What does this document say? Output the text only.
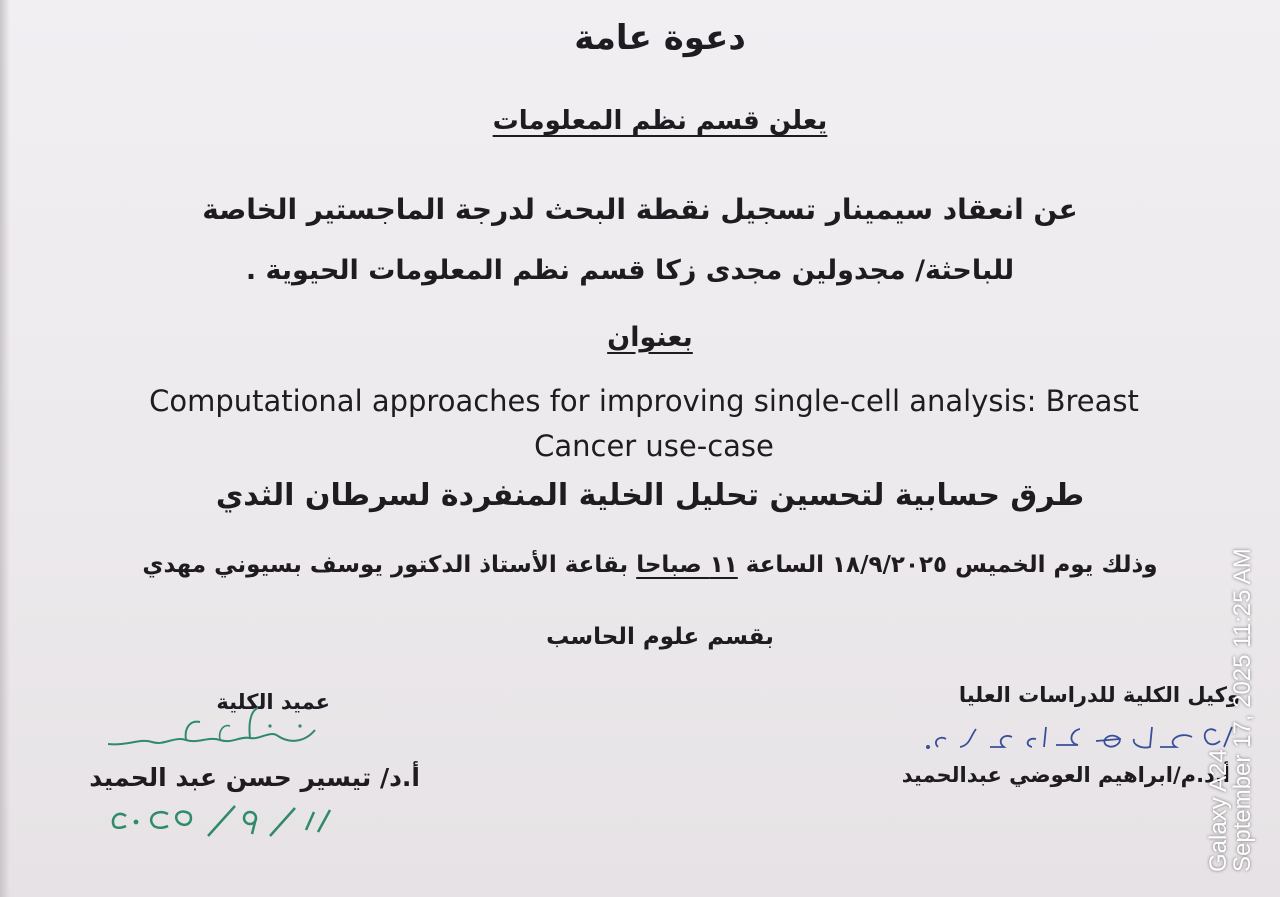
دعوة عامة
يعلن قسم نظم المعلومات
عن انعقاد سيمينار تسجيل نقطة البحث لدرجة الماجستير الخاصة
للباحثة/ مجدولين مجدى زكا قسم نظم المعلومات الحيوية .
بعنوان
Computational approaches for improving single-cell analysis: Breast
Cancer use-case
طرق حسابية لتحسين تحليل الخلية المنفردة لسرطان الثدي
وذلك يوم الخميس ١٨/٩/٢٠٢٥ الساعة ١١ صباحا بقاعة الأستاذ الدكتور يوسف بسيوني مهدي
بقسم علوم الحاسب
عميد الكلية
أ.د/ تيسير حسن عبد الحميد
وكيل الكلية للدراسات العليا
أ.د.م/ابراهيم العوضي عبدالحميد
Galaxy A24
September 17, 2025 11:25 AM
